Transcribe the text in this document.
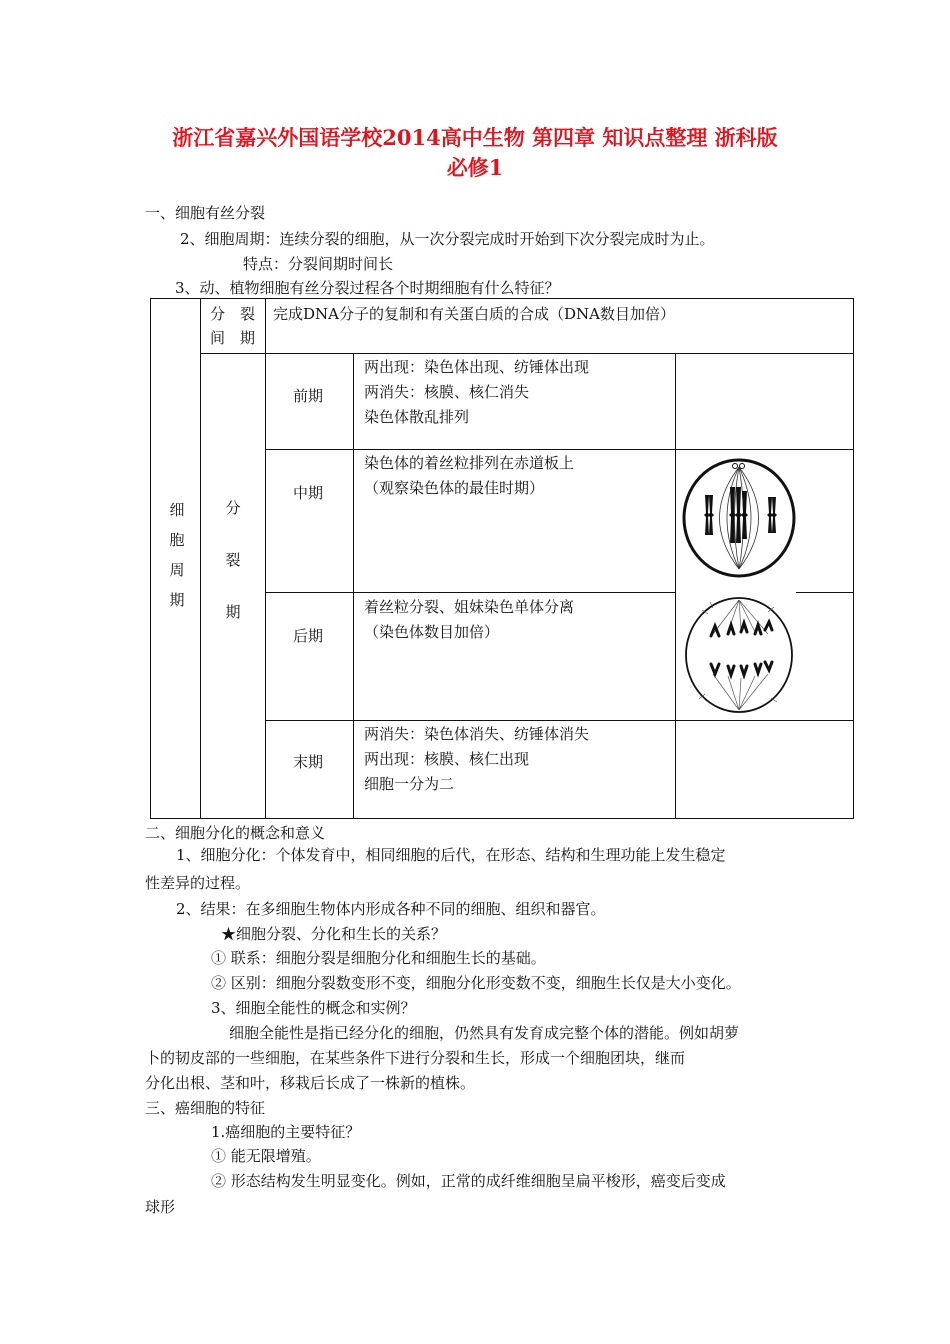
浙江省嘉兴外国语学校2014高中生物 第四章 知识点整理 浙科版
必修1
一、细胞有丝分裂
2、细胞周期：连续分裂的细胞，从一次分裂完成时开始到下次分裂完成时为止。
特点：分裂间期时间长
3、动、植物细胞有丝分裂过程各个时期细胞有什么特征？
细胞周期
分　裂
间　期
完成DNA分子的复制和有关蛋白质的合成（DNA数目加倍）
分裂期
前期
两出现：染色体出现、纺锤体出现
两消失：核膜、核仁消失
染色体散乱排列
中期
染色体的着丝粒排列在赤道板上
（观察染色体的最佳时期）
后期
着丝粒分裂、姐妹染色单体分离
（染色体数目加倍）
末期
两消失：染色体消失、纺锤体消失
两出现：核膜、核仁出现
细胞一分为二
二、细胞分化的概念和意义
1、细胞分化：个体发育中，相同细胞的后代，在形态、结构和生理功能上发生稳定
性差异的过程。
2、结果：在多细胞生物体内形成各种不同的细胞、组织和器官。
★细胞分裂、分化和生长的关系？
① 联系：细胞分裂是细胞分化和细胞生长的基础。
② 区别：细胞分裂数变形不变，细胞分化形变数不变，细胞生长仅是大小变化。
3、细胞全能性的概念和实例？
细胞全能性是指已经分化的细胞，仍然具有发育成完整个体的潜能。例如胡萝
卜的韧皮部的一些细胞，在某些条件下进行分裂和生长，形成一个细胞团块，继而
分化出根、茎和叶，移栽后长成了一株新的植株。
三、癌细胞的特征
1.癌细胞的主要特征？
① 能无限增殖。
② 形态结构发生明显变化。例如，正常的成纤维细胞呈扁平梭形，癌变后变成
球形
